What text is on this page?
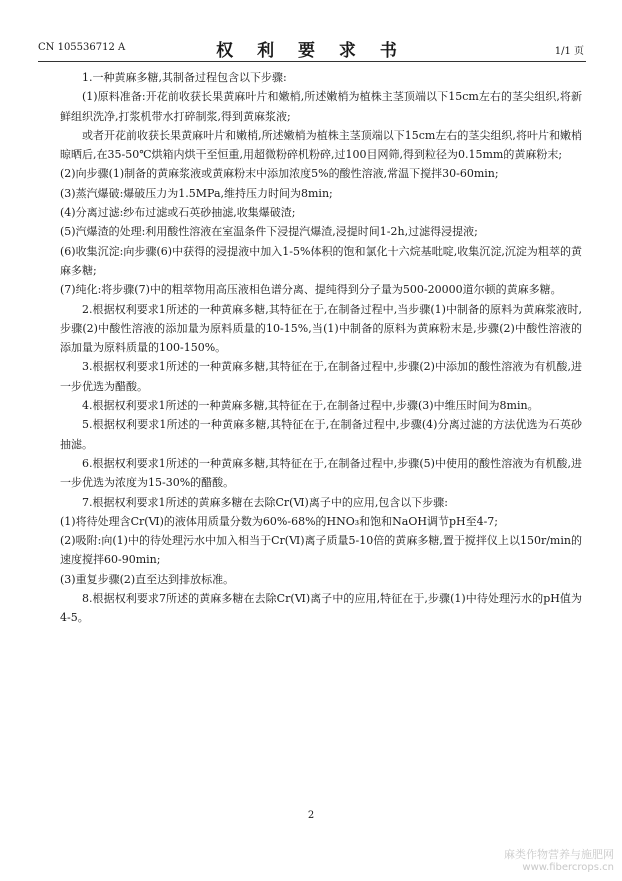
CN 105536712 A	权 利 要 求 书	1/1 页

1.一种黄麻多糖,其制备过程包含以下步骤:

(1)原料准备:开花前收获长果黄麻叶片和嫩梢,所述嫩梢为植株主茎顶端以下15cm左右的茎尖组织,将新鲜组织洗净,打浆机带水打碎制浆,得到黄麻浆液;

或者开花前收获长果黄麻叶片和嫩梢,所述嫩梢为植株主茎顶端以下15cm左右的茎尖组织,将叶片和嫩梢晾晒后,在35-50℃烘箱内烘干至恒重,用超微粉碎机粉碎,过100目网筛,得到粒径为0.15mm的黄麻粉末;

(2)向步骤(1)制备的黄麻浆液或黄麻粉末中添加浓度5%的酸性溶液,常温下搅拌30-60min;

(3)蒸汽爆破:爆破压力为1.5MPa,维持压力时间为8min;

(4)分离过滤:纱布过滤或石英砂抽滤,收集爆破渣;

(5)汽爆渣的处理:利用酸性溶液在室温条件下浸提汽爆渣,浸提时间1-2h,过滤得浸提液;

(6)收集沉淀:向步骤(6)中获得的浸提液中加入1-5%体积的饱和氯化十六烷基吡啶,收集沉淀,沉淀为粗萃的黄麻多糖;

(7)纯化:将步骤(7)中的粗萃物用高压液相色谱分离、提纯得到分子量为500-20000道尔顿的黄麻多糖。

2.根据权利要求1所述的一种黄麻多糖,其特征在于,在制备过程中,当步骤(1)中制备的原料为黄麻浆液时,步骤(2)中酸性溶液的添加量为原料质量的10-15%,当(1)中制备的原料为黄麻粉末是,步骤(2)中酸性溶液的添加量为原料质量的100-150%。

3.根据权利要求1所述的一种黄麻多糖,其特征在于,在制备过程中,步骤(2)中添加的酸性溶液为有机酸,进一步优选为醋酸。

4.根据权利要求1所述的一种黄麻多糖,其特征在于,在制备过程中,步骤(3)中维压时间为8min。

5.根据权利要求1所述的一种黄麻多糖,其特征在于,在制备过程中,步骤(4)分离过滤的方法优选为石英砂抽滤。

6.根据权利要求1所述的一种黄麻多糖,其特征在于,在制备过程中,步骤(5)中使用的酸性溶液为有机酸,进一步优选为浓度为15-30%的醋酸。

7.根据权利要求1所述的黄麻多糖在去除Cr(Ⅵ)离子中的应用,包含以下步骤:

(1)将待处理含Cr(Ⅵ)的液体用质量分数为60%-68%的HNO₃和饱和NaOH调节pH至4-7;

(2)吸附:向(1)中的待处理污水中加入相当于Cr(Ⅵ)离子质量5-10倍的黄麻多糖,置于搅拌仪上以150r/min的速度搅拌60-90min;

(3)重复步骤(2)直至达到排放标准。

8.根据权利要求7所述的黄麻多糖在去除Cr(Ⅵ)离子中的应用,特征在于,步骤(1)中待处理污水的pH值为4-5。

2
麻类作物营养与施肥网
www.fibercrops.cn
